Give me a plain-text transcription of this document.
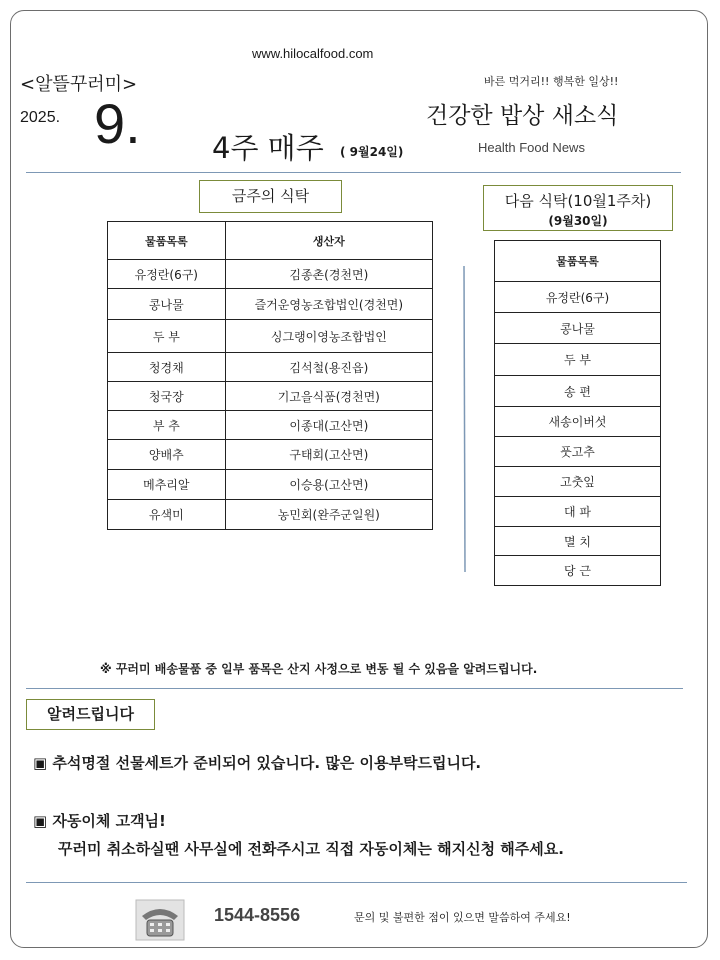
www.hilocalfood.com
<알뜰꾸러미>	바른 먹거리!! 행복한 일상!!
2025. 9. 4주 매주 ( 9월24일)
건강한 밥상 새소식
Health Food News
금주의 식탁
물품목록	생산자
유정란(6구)	김종촌(경천면)
콩나물	즐거운영농조합법인(경천면)
두 부	싱그랭이영농조합법인
청경채	김석철(용진읍)
청국장	기고을식품(경천면)
부 추	이종대(고산면)
양배추	구태회(고산면)
메추리알	이승용(고산면)
유색미	농민회(완주군일원)
다음 식탁(10월1주차)
(9월30일)
물품목록
유정란(6구)
콩나물
두 부
송 편
새송이버섯
풋고추
고춧잎
대 파
멸 치
당 근
※ 꾸러미 배송물품 중 일부 품목은 산지 사정으로 변동 될 수 있음을 알려드립니다.
알려드립니다
▣ 추석명절 선물세트가 준비되어 있습니다. 많은 이용부탁드립니다.
▣ 자동이체 고객님!
꾸러미 취소하실땐 사무실에 전화주시고 직접 자동이체는 해지신청 해주세요.
1544-8556	문의 및 불편한 점이 있으면 말씀하여 주세요!
